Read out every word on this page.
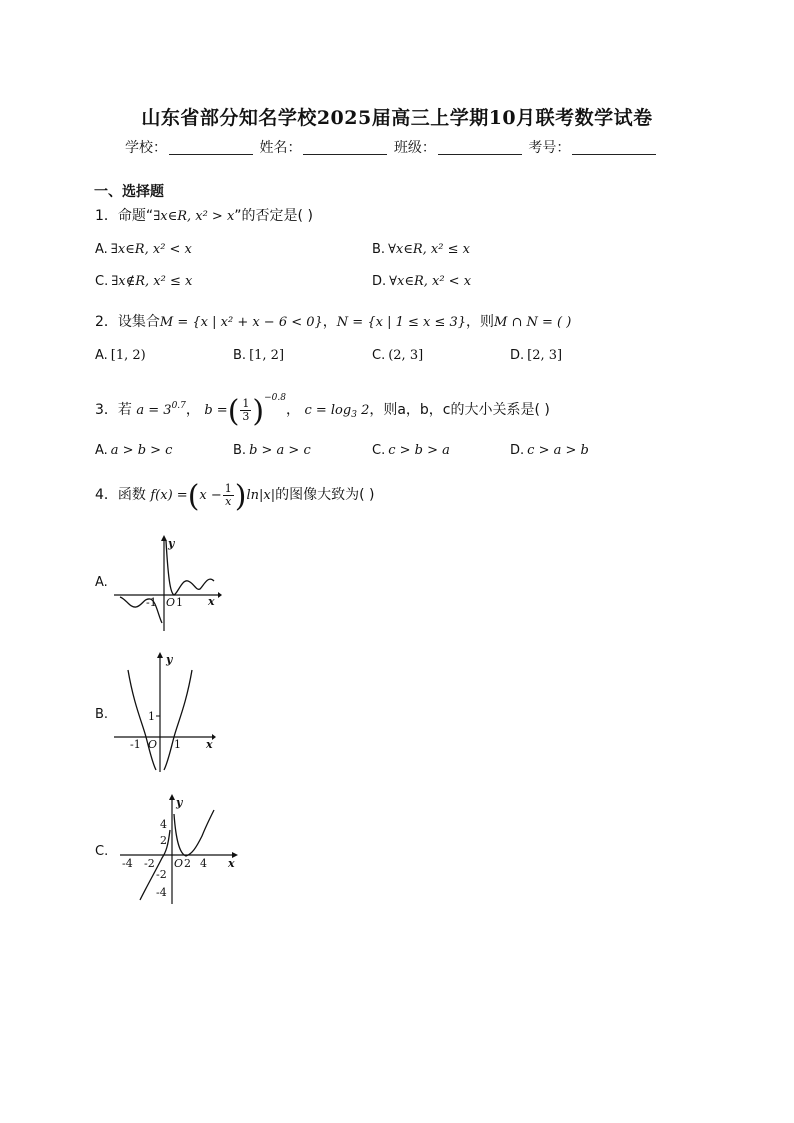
山东省部分知名学校2025届高三上学期10月联考数学试卷
学校：	姓名：	班级：	考号：
一、选择题
1．命题“∃x∈R, x² > x”的否定是( )
A. ∃x∈R, x² < x	B. ∀x∈R, x² ≤ x
C. ∃x∉R, x² ≤ x	D. ∀x∈R, x² < x
2．设集合M = {x | x² + x − 6 < 0}，N = {x | 1 ≤ x ≤ 3}，则M ∩ N = ( )
A. [1, 2)	B. [1, 2]	C. (2, 3]	D. [2, 3]
3．若 $a = 3^{0.7}$， b =( $\frac{1}{3} )^{-0.8}$， $c = \log_3 2$，则a，b，c的大小关系是( )
A. a > b > c	B. b > a > c	C. c > b > a	D. c > a > b
4．函数 $f(x) =(x - \frac{1}{x} )\ln|x|$的图像大致为( )
A.
y
x
O
-1 1
B.
y
x
O
-1	1
1
C.
y
x
O
-4 -2	2 4
4
2
-2
-4
